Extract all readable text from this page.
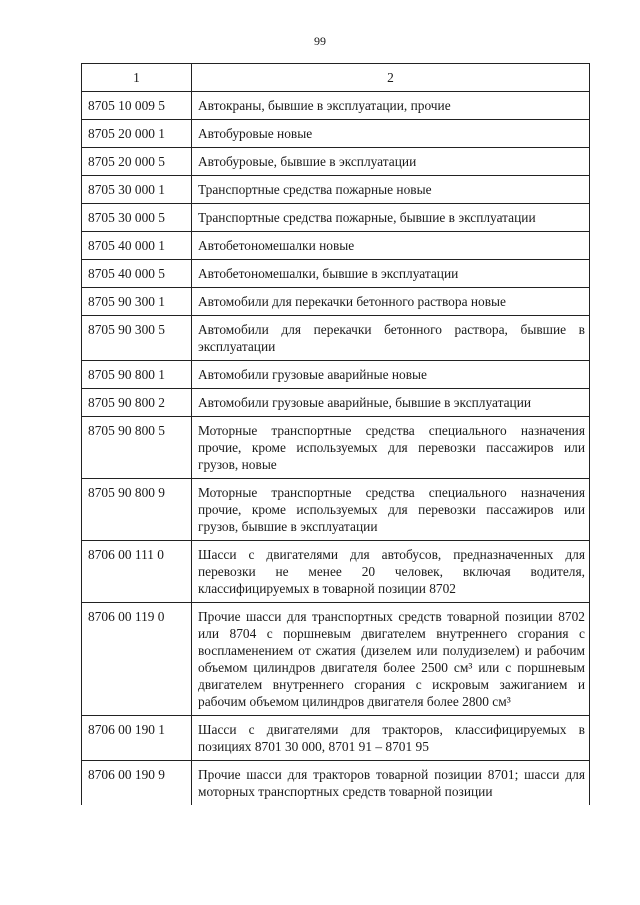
99
1	2
8705 10 009 5	Автокраны, бывшие в эксплуатации, прочие
8705 20 000 1	Автобуровые новые
8705 20 000 5	Автобуровые, бывшие в эксплуатации
8705 30 000 1	Транспортные средства пожарные новые
8705 30 000 5	Транспортные средства пожарные, бывшие в эксплуатации
8705 40 000 1	Автобетономешалки новые
8705 40 000 5	Автобетономешалки, бывшие в эксплуатации
8705 90 300 1	Автомобили для перекачки бетонного раствора новые
8705 90 300 5	Автомобили для перекачки бетонного раствора, бывшие в эксплуатации
8705 90 800 1	Автомобили грузовые аварийные новые
8705 90 800 2	Автомобили грузовые аварийные, бывшие в эксплуатации
8705 90 800 5	Моторные транспортные средства специального назначения прочие, кроме используемых для перевозки пассажиров или грузов, новые
8705 90 800 9	Моторные транспортные средства специального назначения прочие, кроме используемых для перевозки пассажиров или грузов, бывшие в эксплуатации
8706 00 111 0	Шасси с двигателями для автобусов, предназначенных для перевозки не менее 20 человек, включая водителя, классифицируемых в товарной позиции 8702
8706 00 119 0	Прочие шасси для транспортных средств товарной позиции 8702 или 8704 с поршневым двигателем внутреннего сгорания с воспламенением от сжатия (дизелем или полудизелем) и рабочим объемом цилиндров двигателя более 2500 см³ или с поршневым двигателем внутреннего сгорания с искровым зажиганием и рабочим объемом цилиндров двигателя более 2800 см³
8706 00 190 1	Шасси с двигателями для тракторов, классифицируемых в позициях 8701 30 000, 8701 91 – 8701 95
8706 00 190 9	Прочие шасси для тракторов товарной позиции 8701; шасси для моторных транспортных средств товарной позиции
